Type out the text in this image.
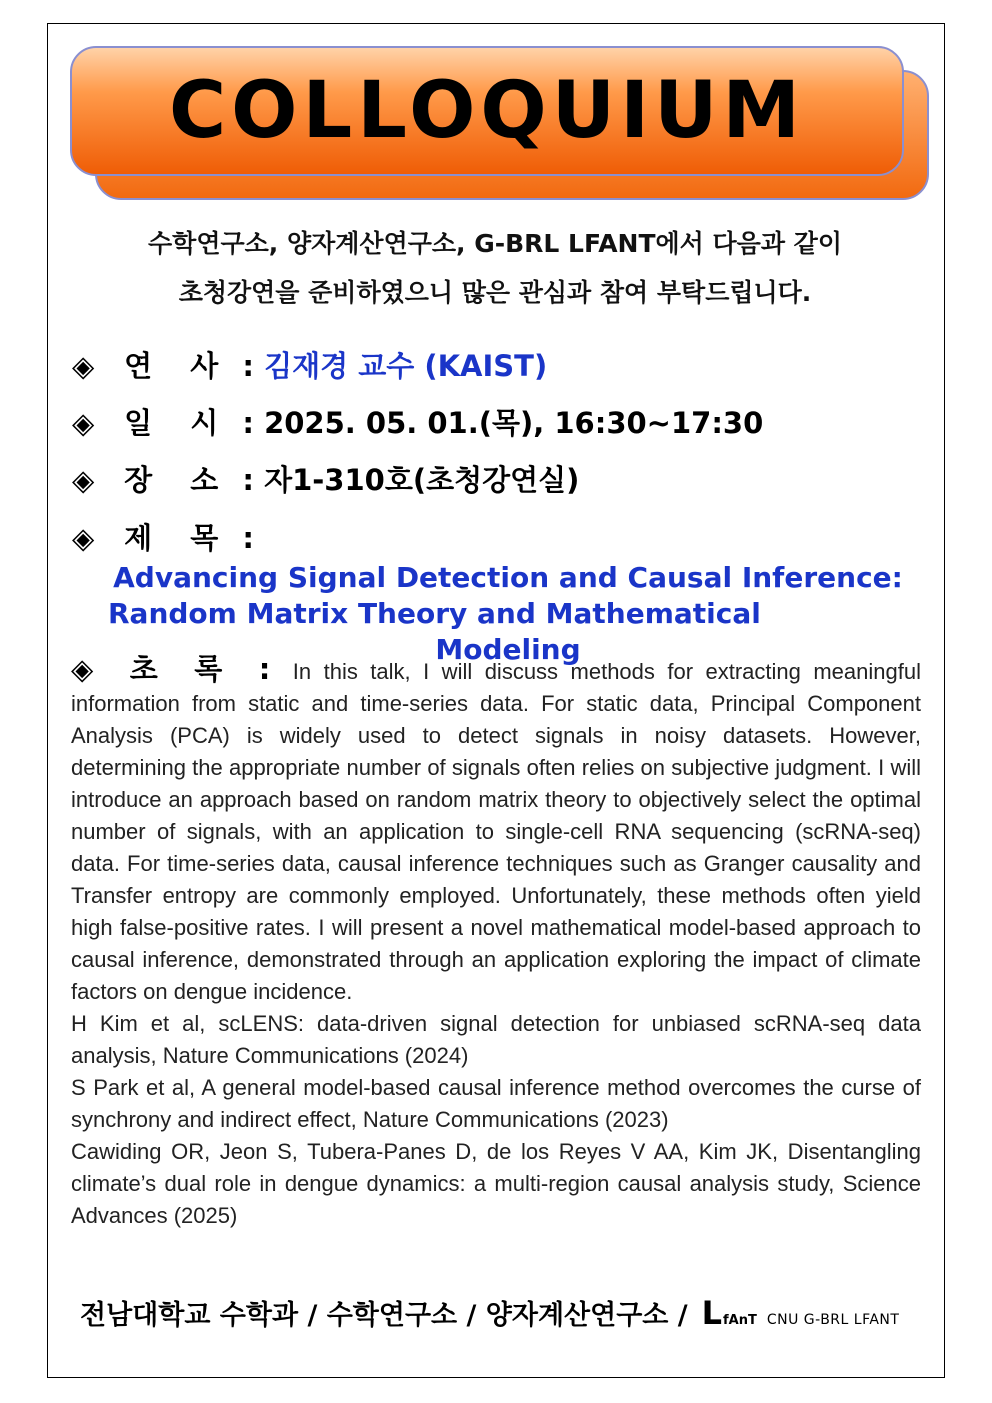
COLLOQUIUM
수학연구소, 양자계산연구소, G-BRL LFANT에서 다음과 같이
초청강연을 준비하였으니 많은 관심과 참여 부탁드립니다.
◈ 연 사 : 김재경 교수 (KAIST)
◈ 일 시 : 2025. 05. 01.(목), 16:30~17:30
◈ 장 소 : 자1-310호(초청강연실)
◈ 제 목 :
Advancing Signal Detection and Causal Inference:
Random Matrix Theory and Mathematical Modeling

◈ 초 록 : In this talk, I will discuss methods for extracting meaningful information from static and time-series data. For static data, Principal Component Analysis (PCA) is widely used to detect signals in noisy datasets. However, determining the appropriate number of signals often relies on subjective judgment. I will introduce an approach based on random matrix theory to objectively select the optimal number of signals, with an application to single-cell RNA sequencing (scRNA-seq) data. For time-series data, causal inference techniques such as Granger causality and Transfer entropy are commonly employed. Unfortunately, these methods often yield high false-positive rates. I will present a novel mathematical model-based approach to causal inference, demonstrated through an application exploring the impact of climate factors on dengue incidence.

H Kim et al, scLENS: data-driven signal detection for unbiased scRNA-seq data analysis, Nature Communications (2024)

S Park et al, A general model-based causal inference method overcomes the curse of synchrony and indirect effect, Nature Communications (2023)

Cawiding OR, Jeon S, Tubera-Panes D, de los Reyes V AA, Kim JK, Disentangling climate’s dual role in dengue dynamics: a multi-region causal analysis study, Science Advances (2025)

전남대학교 수학과 / 수학연구소 / 양자계산연구소 / L fAnT CNU G-BRL LFANT
